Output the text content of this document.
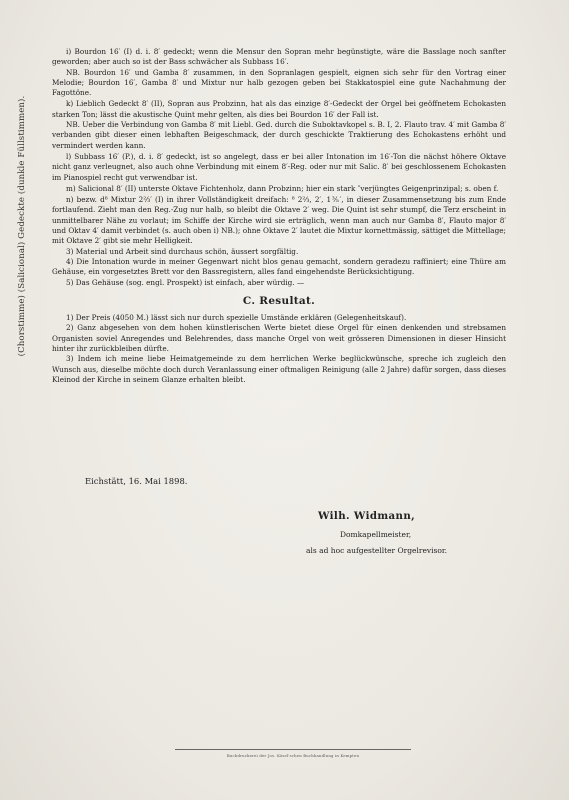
(Chorstimme) (Salicional) Gedeckte (dunkle Füllstimmen).

i) Bourdon 16′ (I) d. i. 8′ gedeckt; wenn die Mensur den Sopran mehr begünstigte, wäre die Basslage noch sanfter geworden; aber auch so ist der Bass schwächer als Subbass 16′.

NB. Bourdon 16′ und Gamba 8′ zusammen, in den Sopranlagen gespielt, eignen sich sehr für den Vortrag einer Melodie; Bourdon 16′, Gamba 8′ und Mixtur nur halb gezogen geben bei Stakkatospiel eine gute Nachahmung der Fagottöne.

k) Lieblich Gedeckt 8′ (II), Sopran aus Probzinn, hat als das einzige 8′-Gedeckt der Orgel bei geöffnetem Echokasten starken Ton; lässt die akustische Quint mehr gelten, als dies bei Bourdon 16′ der Fall ist.

NB. Ueber die Verbindung von Gamba 8′ mit Liebl. Ged. durch die Suboktavkopel s. B. I, 2. Flauto trav. 4′ mit Gamba 8′ verbanden gibt dieser einen lebhaften Beigeschmack, der durch geschickte Traktierung des Echokastens erhöht und vermindert werden kann.

l) Subbass 16′ (P.), d. i. 8′ gedeckt, ist so angelegt, dass er bei aller Intonation im 16′-Ton die nächst höhere Oktave nicht ganz verleugnet, also auch ohne Verbindung mit einem 8′-Reg. oder nur mit Salic. 8′ bei geschlossenem Echokasten im Pianospiel recht gut verwendbar ist.

m) Salicional 8′ (II) unterste Oktave Fichtenholz, dann Probzinn; hier ein stark ″verjüngtes Geigenprinzipal; s. oben f.

n) bezw. d⁸ Mixtur 2⅔′ (I) in ihrer Vollständigkeit dreifach: ⁸ 2⅔, 2′, 1⅗′, in dieser Zusammensetzung bis zum Ende fortlaufend. Zieht man den Reg.-Zug nur halb, so bleibt die Oktave 2′ weg. Die Quint ist sehr stumpf, die Terz erscheint in unmittelbarer Nähe zu vorlaut; im Schiffe der Kirche wird sie erträglich, wenn man auch nur Gamba 8′, Flauto major 8′ und Oktav 4′ damit verbindet (s. auch oben i) NB.); ohne Oktave 2′ lautet die Mixtur kornettmässig, sättiget die Mittellage; mit Oktave 2′ gibt sie mehr Helligkeit.

3) Material und Arbeit sind durchaus schön, äussert sorgfältig.

4) Die Intonation wurde in meiner Gegenwart nicht blos genau gemacht, sondern geradezu raffiniert; eine Thüre am Gehäuse, ein vorgesetztes Brett vor den Bassregistern, alles fand eingehendste Berücksichtigung.

5) Das Gehäuse (sog. engl. Prospekt) ist einfach, aber würdig. —

C. Resultat.

1) Der Preis (4050 M.) lässt sich nur durch spezielle Umstände erklären (Gelegenheitskauf).

2) Ganz abgesehen von dem hohen künstlerischen Werte bietet diese Orgel für einen denkenden und strebsamen Organisten soviel Anregendes und Belehrendes, dass manche Orgel von weit grösseren Dimensionen in dieser Hinsicht hinter ihr zurückbleiben dürfte.

3) Indem ich meine liebe Heimatgemeinde zu dem herrlichen Werke beglückwünsche, spreche ich zugleich den Wunsch aus, dieselbe möchte doch durch Veranlassung einer oftmaligen Reinigung (alle 2 Jahre) dafür sorgen, dass dieses Kleinod der Kirche in seinem Glanze erhalten bleibt.

Eichstätt, 16. Mai 1898.
Wilh. Widmann,
Domkapellmeister,
als ad hoc aufgestellter Orgelrevisor.
Buchdruckerei der Jos. Kösel'schen Buchhandlung in Kempten
